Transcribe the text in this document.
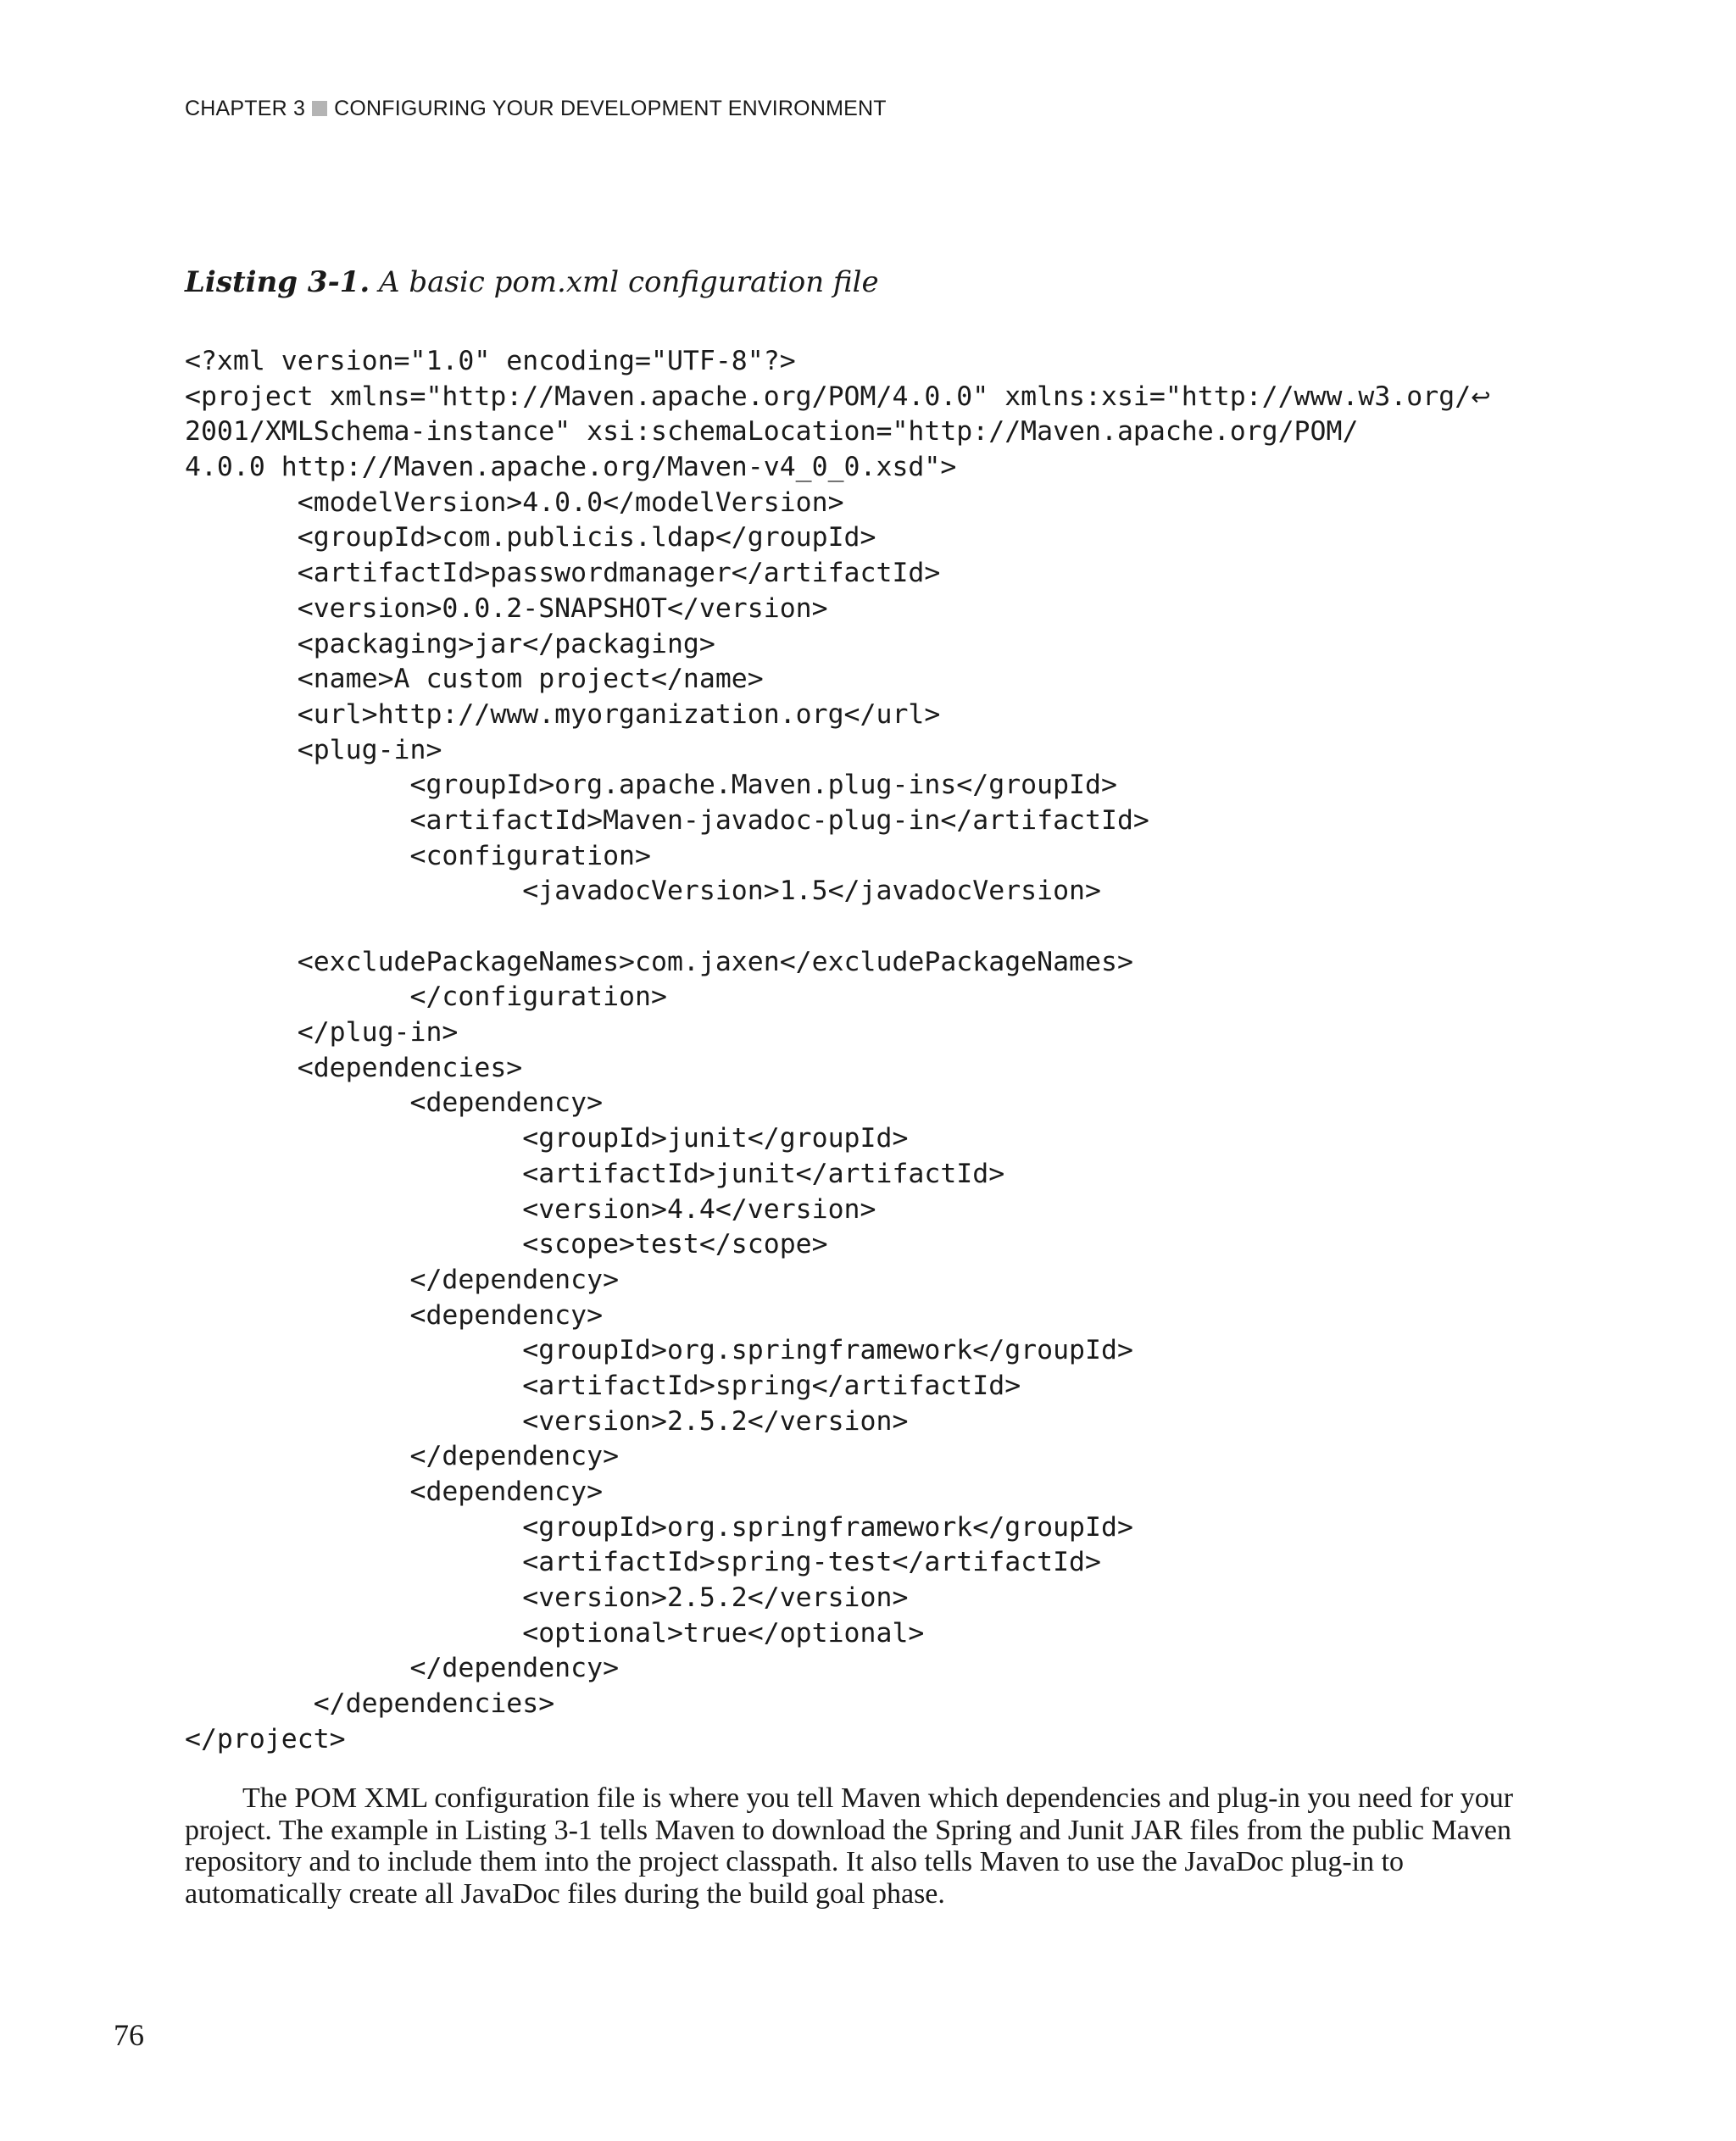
CHAPTER 3 CONFIGURING YOUR DEVELOPMENT ENVIRONMENT
Listing 3-1. A basic pom.xml configuration file
<?xml version="1.0" encoding="UTF-8"?>
<project xmlns="http://Maven.apache.org/POM/4.0.0" xmlns:xsi="http://www.w3.org/↩
2001/XMLSchema-instance" xsi:schemaLocation="http://Maven.apache.org/POM/
4.0.0 http://Maven.apache.org/Maven-v4_0_0.xsd">
<modelVersion>4.0.0</modelVersion>
<groupId>com.publicis.ldap</groupId>
<artifactId>passwordmanager</artifactId>
<version>0.0.2-SNAPSHOT</version>
<packaging>jar</packaging>
<name>A custom project</name>
<url>http://www.myorganization.org</url>
<plug-in>
<groupId>org.apache.Maven.plug-ins</groupId>
<artifactId>Maven-javadoc-plug-in</artifactId>
<configuration>
<javadocVersion>1.5</javadocVersion>
<excludePackageNames>com.jaxen</excludePackageNames>
</configuration>
</plug-in>
<dependencies>
<dependency>
<groupId>junit</groupId>
<artifactId>junit</artifactId>
<version>4.4</version>
<scope>test</scope>
</dependency>
<dependency>
<groupId>org.springframework</groupId>
<artifactId>spring</artifactId>
<version>2.5.2</version>
</dependency>
<dependency>
<groupId>org.springframework</groupId>
<artifactId>spring-test</artifactId>
<version>2.5.2</version>
<optional>true</optional>
</dependency>
</dependencies>
</project>

The POM XML configuration file is where you tell Maven which dependencies and plug-in you need for your project. The example in Listing 3-1 tells Maven to download the Spring and Junit JAR files from the public Maven repository and to include them into the project classpath. It also tells Maven to use the JavaDoc plug-in to automatically create all JavaDoc files during the build goal phase.

76
